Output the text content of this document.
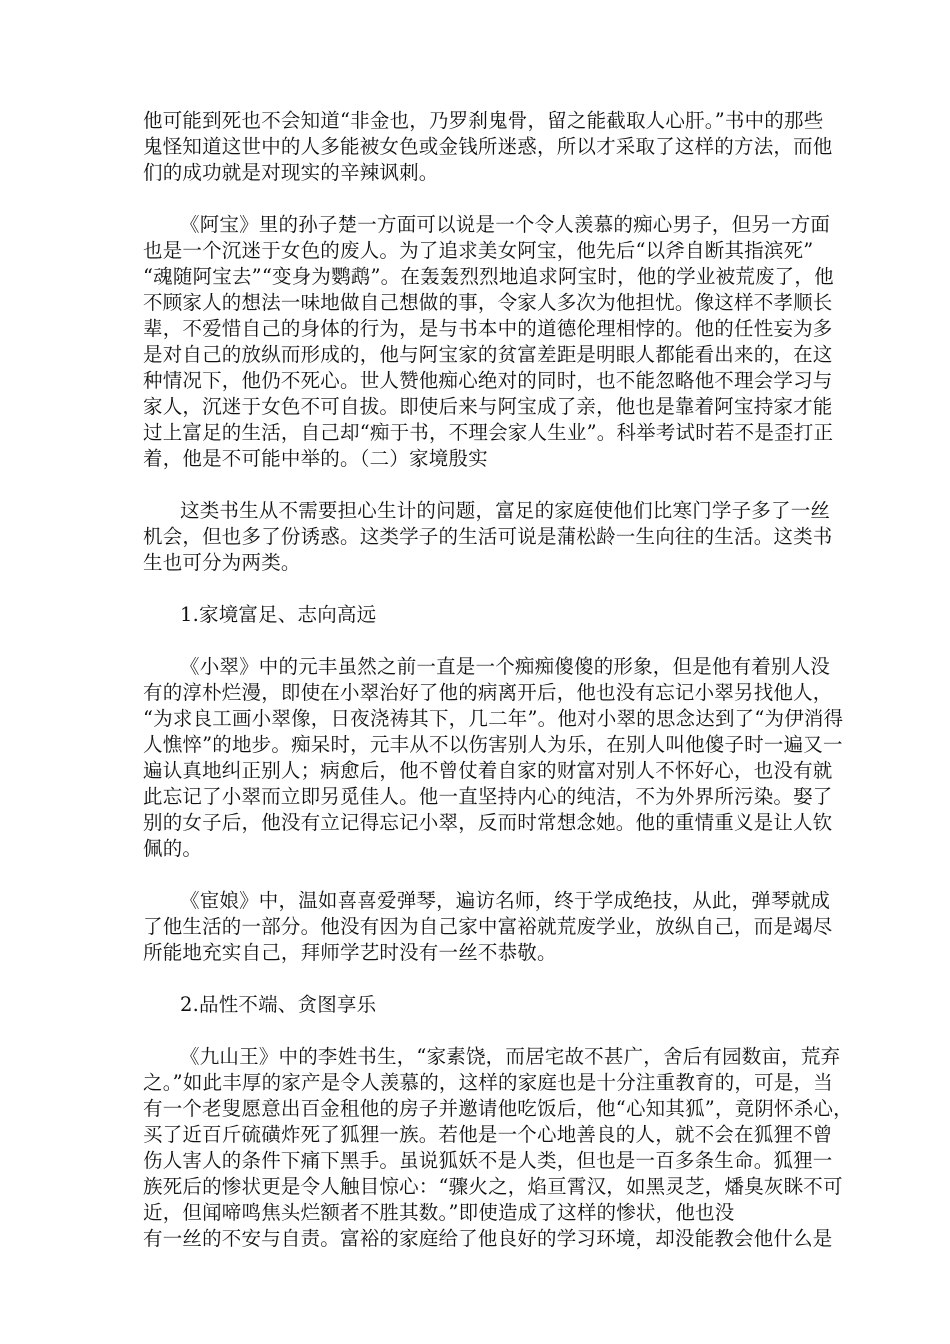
他可能到死也不会知道“非金也，乃罗刹鬼骨，留之能截取人心肝。”书中的那些
鬼怪知道这世中的人多能被女色或金钱所迷惑，所以才采取了这样的方法，而他
们的成功就是对现实的辛辣讽刺。
《阿宝》里的孙子楚一方面可以说是一个令人羡慕的痴心男子，但另一方面
也是一个沉迷于女色的废人。为了追求美女阿宝，他先后“以斧自断其指滨死”
“魂随阿宝去”“变身为鹦鹉”。在轰轰烈烈地追求阿宝时，他的学业被荒废了，他
不顾家人的想法一味地做自己想做的事，令家人多次为他担忧。像这样不孝顺长
辈，不爱惜自己的身体的行为，是与书本中的道德伦理相悖的。他的任性妄为多
是对自己的放纵而形成的，他与阿宝家的贫富差距是明眼人都能看出来的，在这
种情况下，他仍不死心。世人赞他痴心绝对的同时，也不能忽略他不理会学习与
家人，沉迷于女色不可自拔。即使后来与阿宝成了亲，他也是靠着阿宝持家才能
过上富足的生活，自己却“痴于书，不理会家人生业”。科举考试时若不是歪打正
着，他是不可能中举的。（二）家境殷实
这类书生从不需要担心生计的问题，富足的家庭使他们比寒门学子多了一丝
机会，但也多了份诱惑。这类学子的生活可说是蒲松龄一生向往的生活。这类书
生也可分为两类。
1.家境富足、志向高远
《小翠》中的元丰虽然之前一直是一个痴痴傻傻的形象，但是他有着别人没
有的淳朴烂漫，即使在小翠治好了他的病离开后，他也没有忘记小翠另找他人，
“为求良工画小翠像，日夜浇祷其下，几二年”。他对小翠的思念达到了“为伊消得
人憔悴”的地步。痴呆时，元丰从不以伤害别人为乐，在别人叫他傻子时一遍又一
遍认真地纠正别人；病愈后，他不曾仗着自家的财富对别人不怀好心，也没有就
此忘记了小翠而立即另觅佳人。他一直坚持内心的纯洁，不为外界所污染。娶了
别的女子后，他没有立记得忘记小翠，反而时常想念她。他的重情重义是让人钦
佩的。
《宦娘》中，温如喜喜爱弹琴，遍访名师，终于学成绝技，从此，弹琴就成
了他生活的一部分。他没有因为自己家中富裕就荒废学业，放纵自己，而是竭尽
所能地充实自己，拜师学艺时没有一丝不恭敬。
2.品性不端、贪图享乐
《九山王》中的李姓书生，“家素饶，而居宅故不甚广，舍后有园数亩，荒弃
之。”如此丰厚的家产是令人羡慕的，这样的家庭也是十分注重教育的，可是，当
有一个老叟愿意出百金租他的房子并邀请他吃饭后，他“心知其狐”，竟阴怀杀心，
买了近百斤硫磺炸死了狐狸一族。若他是一个心地善良的人，就不会在狐狸不曾
伤人害人的条件下痛下黑手。虽说狐妖不是人类，但也是一百多条生命。狐狸一
族死后的惨状更是令人触目惊心：“骤火之，焰亘霄汉，如黑灵芝，燔臭灰眯不可
近，但闻啼鸣焦头烂额者不胜其数。”即使造成了这样的惨状，他也没
有一丝的不安与自责。富裕的家庭给了他良好的学习环境，却没能教会他什么是
